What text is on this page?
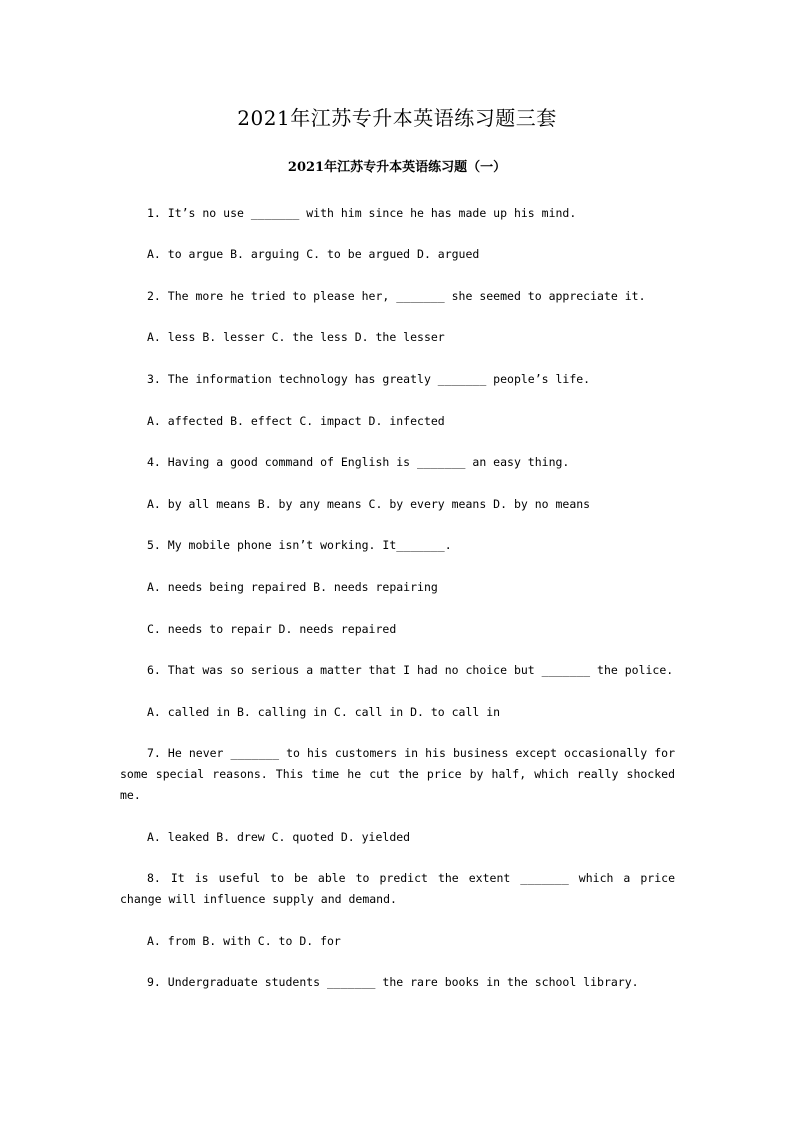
2021年江苏专升本英语练习题三套
2021年江苏专升本英语练习题（一）
1. It’s no use _______ with him since he has made up his mind.
A. to argue B. arguing C. to be argued D. argued
2. The more he tried to please her, _______ she seemed to appreciate it.
A. less B. lesser C. the less D. the lesser
3. The information technology has greatly _______ people’s life.
A. affected B. effect C. impact D. infected
4. Having a good command of English is _______ an easy thing.
A. by all means B. by any means C. by every means D. by no means
5. My mobile phone isn’t working. It_______.
A. needs being repaired B. needs repairing
C. needs to repair D. needs repaired
6. That was so serious a matter that I had no choice but _______ the police.
A. called in B. calling in C. call in D. to call in
7. He never _______ to his customers in his business except occasionally for some special reasons. This time he cut the price by half, which really shocked me.
A. leaked B. drew C. quoted D. yielded
8. It is useful to be able to predict the extent _______ which a price change will influence supply and demand.
A. from B. with C. to D. for
9. Undergraduate students _______ the rare books in the school library.
